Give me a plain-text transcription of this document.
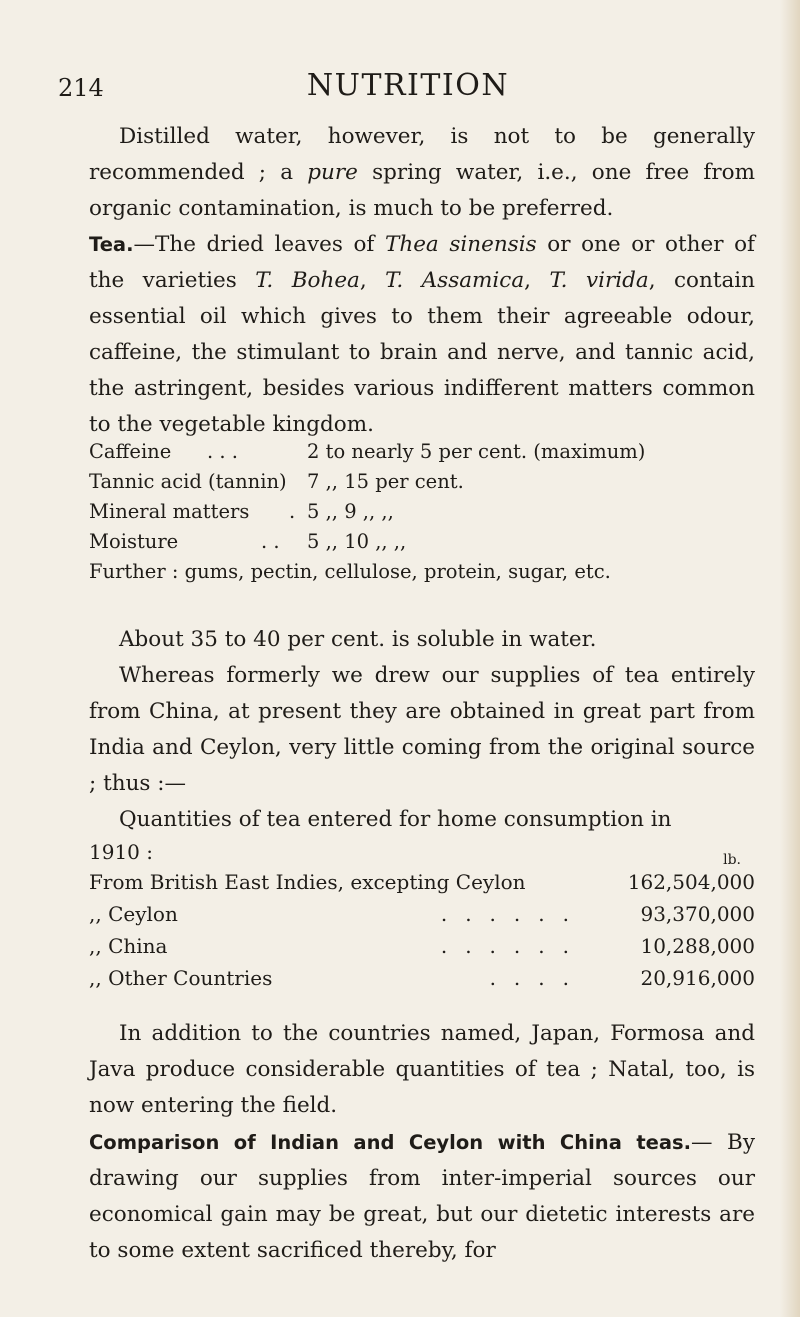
214	NUTRITION

Distilled water, however, is not to be generally recommended ; a pure spring water, i.e., one free from organic contamination, is much to be preferred.

Tea.—The dried leaves of Thea sinensis or one or other of the varieties T. Bohea, T. Assamica, T. virida, contain essential oil which gives to them their agreeable odour, caffeine, the stimulant to brain and nerve, and tannic acid, the astringent, besides various indifferent matters common to the vegetable kingdom.

Caffeine . . .	2 to nearly 5 per cent. (maximum)
Tannic acid (tannin) 7 ,, 15 per cent.
Mineral matters . 5 ,, 9 ,, ,,
Moisture	. . 5 ,, 10 ,, ,,
Further : gums, pectin, cellulose, protein, sugar, etc.

About 35 to 40 per cent. is soluble in water.

Whereas formerly we drew our supplies of tea entirely from China, at present they are obtained in great part from India and Ceylon, very little coming from the original source ; thus :—

Quantities of tea entered for home consumption in

1910 :	lb.
From British East Indies, excepting Ceylon	162,504,000
,, Ceylon	......	93,370,000
,, China	......	10,288,000
,, Other Countries	....	20,916,000

In addition to the countries named, Japan, Formosa and Java produce considerable quantities of tea ; Natal, too, is now entering the field.

Comparison of Indian and Ceylon with China teas.— By drawing our supplies from inter-imperial sources our economical gain may be great, but our dietetic interests are to some extent sacrificed thereby, for
